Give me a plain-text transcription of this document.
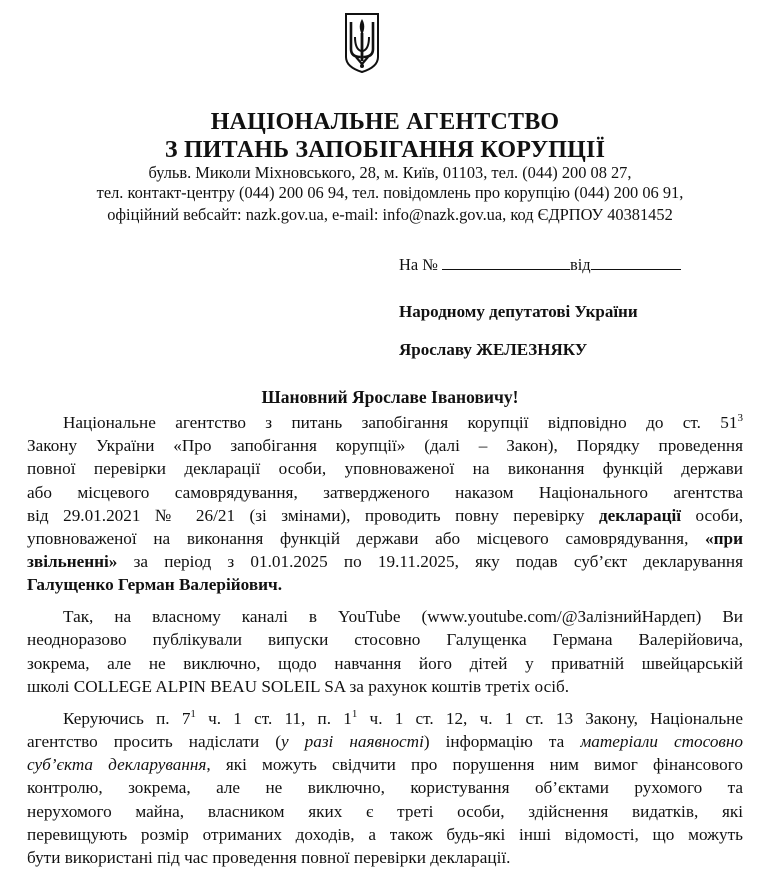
НАЦІОНАЛЬНЕ АГЕНТСТВО
З ПИТАНЬ ЗАПОБІГАННЯ КОРУПЦІЇ
бульв. Миколи Міхновського, 28, м. Київ, 01103, тел. (044) 200 08 27,
тел. контакт-центру (044) 200 06 94, тел. повідомлень про корупцію (044) 200 06 91,
офіційний вебсайт: nazk.gov.ua, e-mail: info@nazk.gov.ua, код ЄДРПОУ 40381452
На №	від
Народному депутатові України
Ярославу ЖЕЛЕЗНЯКУ
Шановний Ярославе Івановичу!
Національне агентство з питань запобігання корупції відповідно до ст. $51^3$
Закону України «Про запобігання корупції» (далі – Закон), Порядку проведення
повної перевірки декларації особи, уповноваженої на виконання функцій держави
або місцевого самоврядування, затвердженого наказом Національного агентства
від 29.01.2021 № 26/21 (зі змінами), проводить повну перевірку декларації особи,
уповноваженої на виконання функцій держави або місцевого самоврядування, «при
звільненні» за період з 01.01.2025 по 19.11.2025, яку подав суб’єкт декларування
Галущенко Герман Валерійович.
Так, на власному каналі в YouTube (www.youtube.com/@ЗалізнийНардеп) Ви
неодноразово публікували випуски стосовно Галущенка Германа Валерійовича,
зокрема, але не виключно, щодо навчання його дітей у приватній швейцарській
школі COLLEGE ALPIN BEAU SOLEIL SA за рахунок коштів третіх осіб.
Керуючись п. $7^1$ ч. 1 ст. 11, п. $1^1$ ч. 1 ст. 12, ч. 1 ст. 13 Закону, Національне
агентство просить надіслати (у разі наявності) інформацію та матеріали стосовно
суб’єкта декларування, які можуть свідчити про порушення ним вимог фінансового
контролю, зокрема, але не виключно, користування об’єктами рухомого та
нерухомого майна, власником яких є треті особи, здійснення видатків, які
перевищують розмір отриманих доходів, а також будь-які інші відомості, що можуть
бути використані під час проведення повної перевірки декларації.
